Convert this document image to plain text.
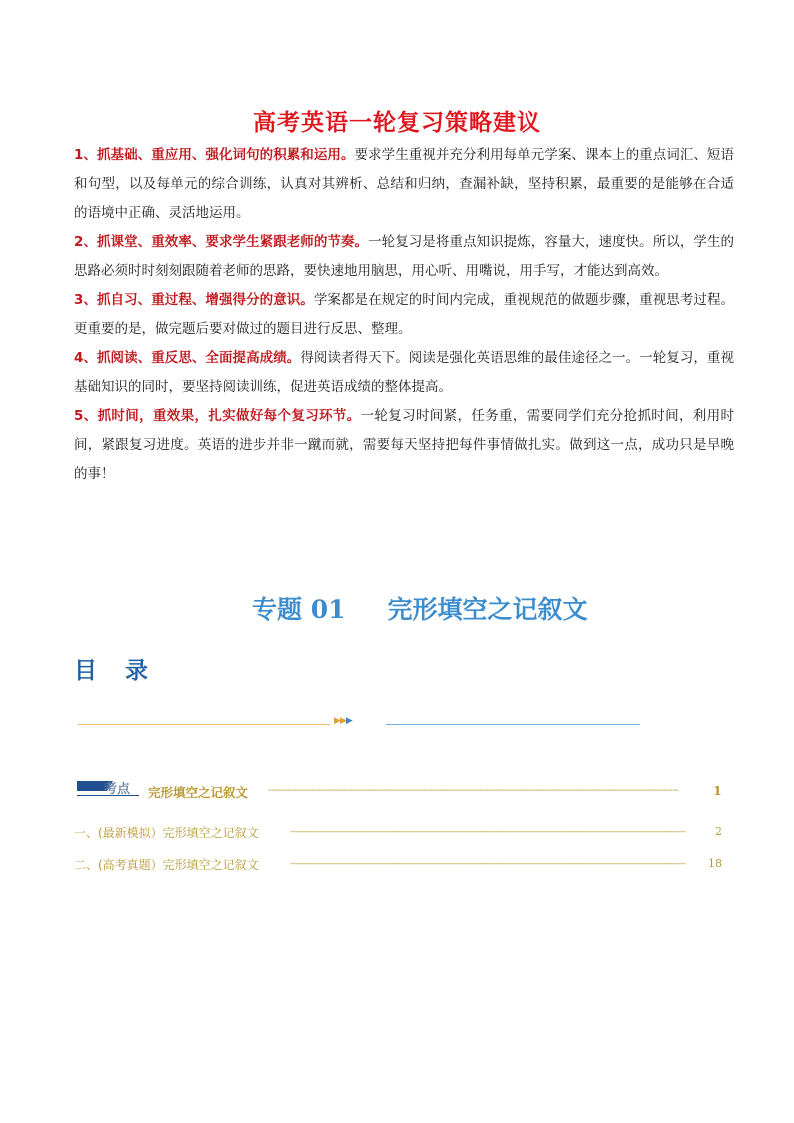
高考英语一轮复习策略建议

1、抓基础、重应用、强化词句的积累和运用。要求学生重视并充分利用每单元学案、课本上的重点词汇、短语和句型，以及每单元的综合训练，认真对其辨析、总结和归纳，查漏补缺，坚持积累，最重要的是能够在合适的语境中正确、灵活地运用。

2、抓课堂、重效率、要求学生紧跟老师的节奏。一轮复习是将重点知识提炼，容量大，速度快。所以，学生的思路必须时时刻刻跟随着老师的思路，要快速地用脑思，用心听、用嘴说，用手写，才能达到高效。

3、抓自习、重过程、增强得分的意识。学案都是在规定的时间内完成，重视规范的做题步骤，重视思考过程。更重要的是，做完题后要对做过的题目进行反思、整理。

4、抓阅读、重反思、全面提高成绩。得阅读者得天下。阅读是强化英语思维的最佳途径之一。一轮复习，重视基础知识的同时，要坚持阅读训练，促进英语成绩的整体提高。

5、抓时间，重效果，扎实做好每个复习环节。一轮复习时间紧，任务重，需要同学们充分抢抓时间，利用时间，紧跟复习进度。英语的进步并非一蹴而就，需要每天坚持把每件事情做扎实。做到这一点，成功只是早晚的事！

专题 01 完形填空之记叙文
目 录
▶▶▶
考点 完形填空之记叙文 ------------------------------------------------------------------------------------------------------------------------------------	1
一、(最新模拟）完形填空之记叙文	------------------------------------------------------------------------------------------------------------------------------------------------	2
二、(高考真题）完形填空之记叙文	------------------------------------------------------------------------------------------------------------------------------------------------	18
